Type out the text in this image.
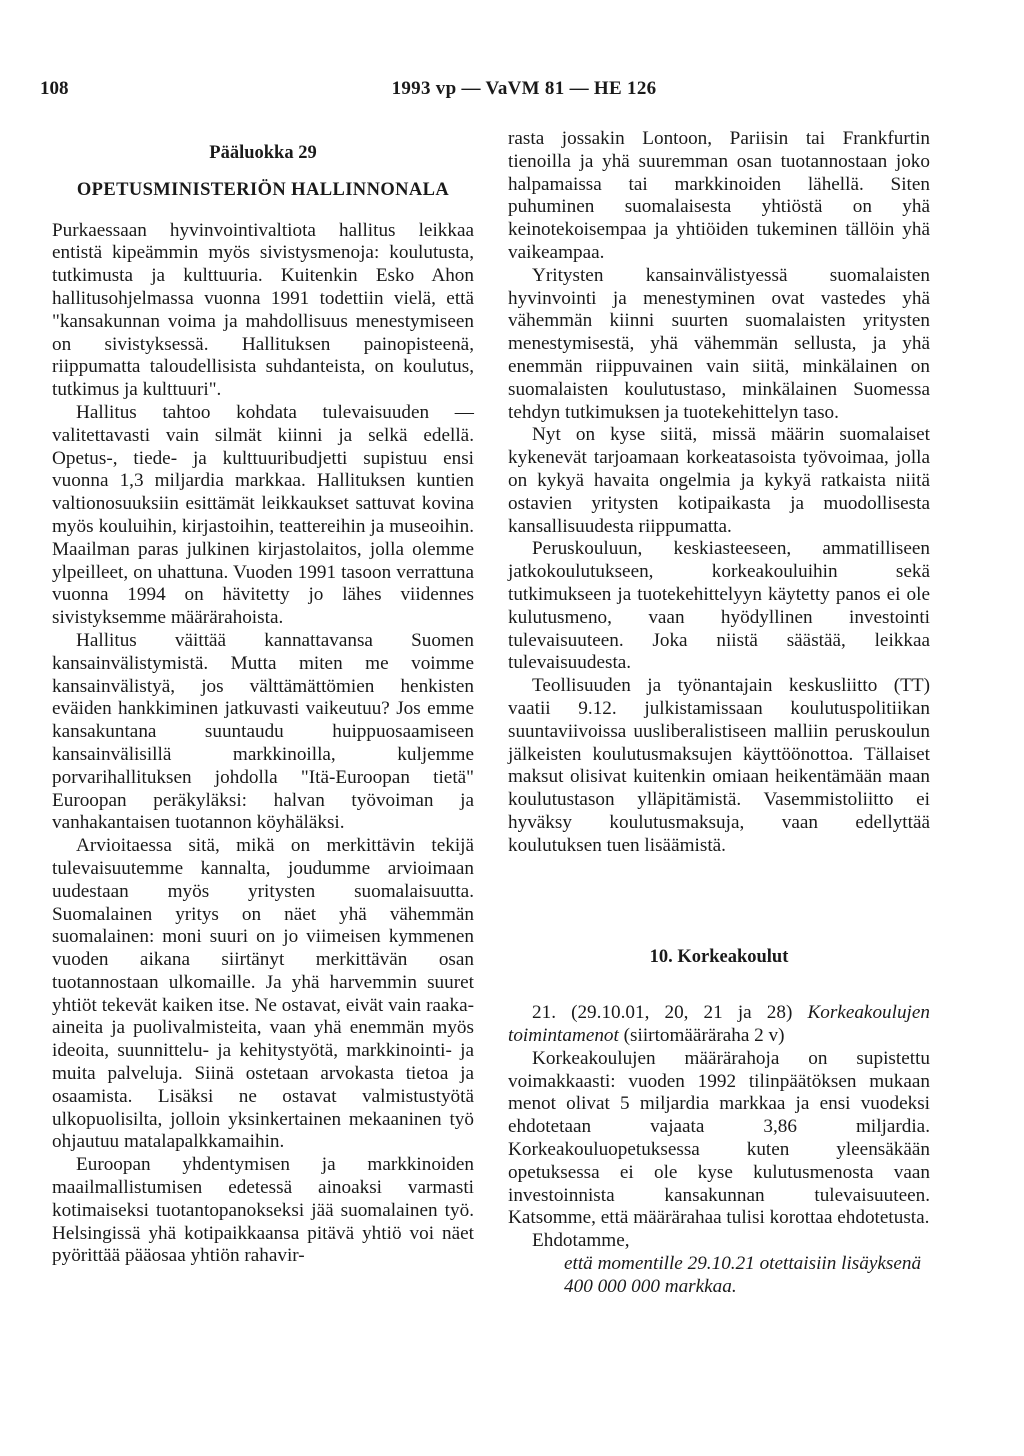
108	1993 vp — VaVM 81 — HE 126
Pääluokka 29
OPETUSMINISTERIÖN HALLINNONALA

Purkaessaan hyvinvointivaltiota hallitus leikkaa entistä kipeämmin myös sivistysmenoja: koulutusta, tutkimusta ja kulttuuria. Kuitenkin Esko Ahon hallitusohjelmassa vuonna 1991 todettiin vielä, että "kansakunnan voima ja mahdollisuus menestymiseen on sivistyksessä. Hallituksen painopisteenä, riippumatta taloudellisista suhdanteista, on koulutus, tutkimus ja kulttuuri".

Hallitus tahtoo kohdata tulevaisuuden — valitettavasti vain silmät kiinni ja selkä edellä. Opetus-, tiede- ja kulttuuribudjetti supistuu ensi vuonna 1,3 miljardia markkaa. Hallituksen kuntien valtionosuuksiin esittämät leikkaukset sattuvat kovina myös kouluihin, kirjastoihin, teattereihin ja museoihin. Maailman paras julkinen kirjastolaitos, jolla olemme ylpeilleet, on uhattuna. Vuoden 1991 tasoon verrattuna vuonna 1994 on hävitetty jo lähes viidennes sivistyksemme määrärahoista.

Hallitus väittää kannattavansa Suomen kansainvälistymistä. Mutta miten me voimme kansainvälistyä, jos välttämättömien henkisten eväiden hankkiminen jatkuvasti vaikeutuu? Jos emme kansakuntana suuntaudu huippuosaamiseen kansainvälisillä markkinoilla, kuljemme porvarihallituksen johdolla "Itä-Euroopan tietä" Euroopan peräkyläksi: halvan työvoiman ja vanhakantaisen tuotannon köyhäläksi.

Arvioitaessa sitä, mikä on merkittävin tekijä tulevaisuutemme kannalta, joudumme arvioimaan uudestaan myös yritysten suomalaisuutta. Suomalainen yritys on näet yhä vähemmän suomalainen: moni suuri on jo viimeisen kymmenen vuoden aikana siirtänyt merkittävän osan tuotannostaan ulkomaille. Ja yhä harvemmin suuret yhtiöt tekevät kaiken itse. Ne ostavat, eivät vain raaka-aineita ja puolivalmisteita, vaan yhä enemmän myös ideoita, suunnittelu- ja kehitystyötä, markkinointi- ja muita palveluja. Siinä ostetaan arvokasta tietoa ja osaamista. Lisäksi ne ostavat valmistustyötä ulkopuolisilta, jolloin yksinkertainen mekaaninen työ ohjautuu matalapalkkamaihin.

Euroopan yhdentymisen ja markkinoiden maailmallistumisen edetessä ainoaksi varmasti kotimaiseksi tuotantopanokseksi jää suomalainen työ. Helsingissä yhä kotipaikkaansa pitävä yhtiö voi näet pyörittää pääosaa yhtiön rahavir-

rasta jossakin Lontoon, Pariisin tai Frankfurtin tienoilla ja yhä suuremman osan tuotannostaan joko halpamaissa tai markkinoiden lähellä. Siten puhuminen suomalaisesta yhtiöstä on yhä keinotekoisempaa ja yhtiöiden tukeminen tällöin yhä vaikeampaa.

Yritysten kansainvälistyessä suomalaisten hyvinvointi ja menestyminen ovat vastedes yhä vähemmän kiinni suurten suomalaisten yritysten menestymisestä, yhä vähemmän sellusta, ja yhä enemmän riippuvainen vain siitä, minkälainen on suomalaisten koulutustaso, minkälainen Suomessa tehdyn tutkimuksen ja tuotekehittelyn taso.

Nyt on kyse siitä, missä määrin suomalaiset kykenevät tarjoamaan korkeatasoista työvoimaa, jolla on kykyä havaita ongelmia ja kykyä ratkaista niitä ostavien yritysten kotipaikasta ja muodollisesta kansallisuudesta riippumatta.

Peruskouluun, keskiasteeseen, ammatilliseen jatkokoulutukseen, korkeakouluihin sekä tutkimukseen ja tuotekehittelyyn käytetty panos ei ole kulutusmeno, vaan hyödyllinen investointi tulevaisuuteen. Joka niistä säästää, leikkaa tulevaisuudesta.

Teollisuuden ja työnantajain keskusliitto (TT) vaatii 9.12. julkistamissaan koulutuspolitiikan suuntaviivoissa uusliberalistiseen malliin peruskoulun jälkeisten koulutusmaksujen käyttöönottoa. Tällaiset maksut olisivat kuitenkin omiaan heikentämään maan koulutustason ylläpitämistä. Vasemmistoliitto ei hyväksy koulutusmaksuja, vaan edellyttää koulutuksen tuen lisäämistä.

10. Korkeakoulut

21. (29.10.01, 20, 21 ja 28) Korkeakoulujen toimintamenot (siirtomääräraha 2 v)

Korkeakoulujen määrärahoja on supistettu voimakkaasti: vuoden 1992 tilinpäätöksen mukaan menot olivat 5 miljardia markkaa ja ensi vuodeksi ehdotetaan vajaata 3,86 miljardia. Korkeakouluopetuksessa kuten yleensäkään opetuksessa ei ole kyse kulutusmenosta vaan investoinnista kansakunnan tulevaisuuteen. Katsomme, että määrärahaa tulisi korottaa ehdotetusta.

Ehdotamme,

että momentille 29.10.21 otettaisiin lisäyksenä 400 000 000 markkaa.
